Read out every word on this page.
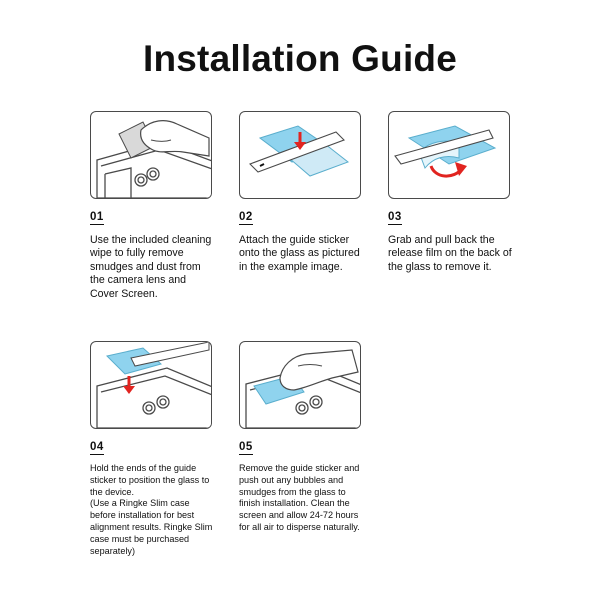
Installation Guide
01

Use the included cleaning wipe to fully remove smudges and dust from the camera lens and Cover Screen.

02

Attach the guide sticker onto the glass as pictured in the example image.

03

Grab and pull back the release film on the back of the glass to remove it.

04

Hold the ends of the guide sticker to position the glass to the device.

(Use a Ringke Slim case before installation for best alignment results. Ringke Slim case must be purchased separately)

05

Remove the guide sticker and push out any bubbles and smudges from the glass to finish installation. Clean the screen and allow 24-72 hours for all air to disperse naturally.
